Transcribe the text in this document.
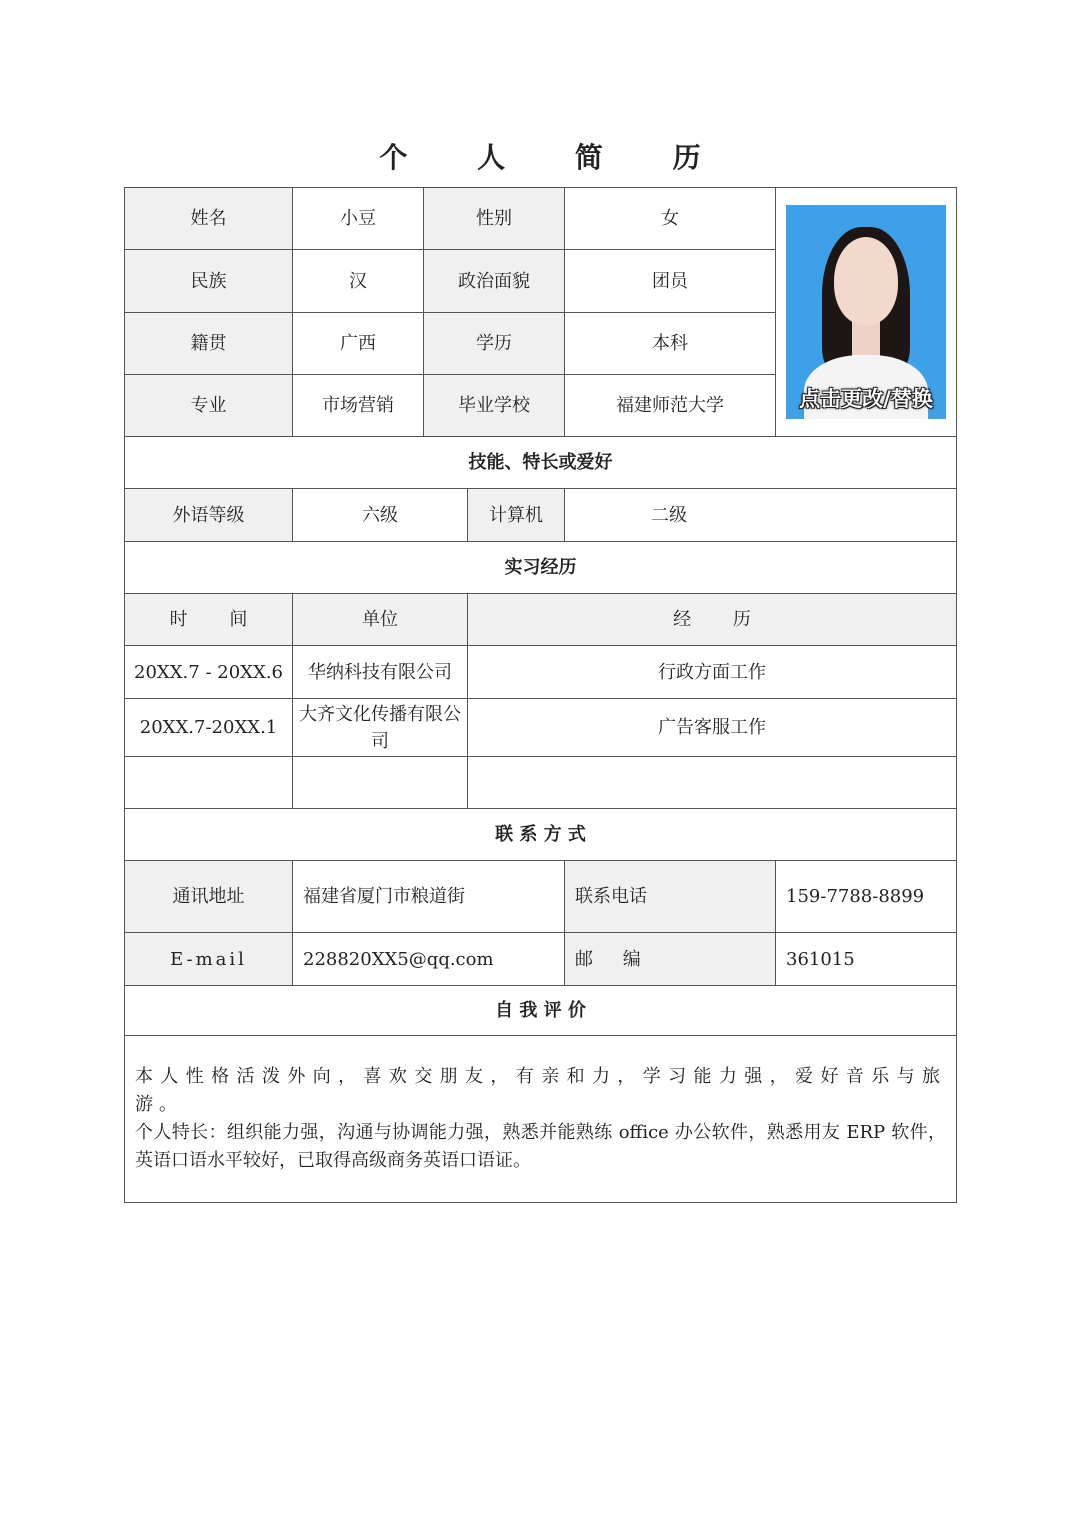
个 人 简 历
姓名	小豆	性别		女	点击更改/替换

民族	汉	政治面貌		团员	
籍贯	广西	学历		本科	
专业	市场营销	毕业学校		福建师范大学	
技能、特长或爱好					
外语等级	六级		计算机	二级	
实习经历					
时 间	单位		经 历		
20XX.7 - 20XX.6	华纳科技有限公司		行政方面工作		
20XX.7-20XX.1	大齐文化传播有限公司		广告客服工作		

联 系 方 式					
通讯地址	福建省厦门市粮道街			联系电话	159-7788-8899
E-mail	228820XX5@qq.com			邮 编	361015
自 我 评 价					

本人性格活泼外向，喜欢交朋友，有亲和力，学习能力强，爱好音乐与旅游。
个人特长：组织能力强，沟通与协调能力强，熟悉并能熟练 office 办公软件，熟悉用友 ERP 软件，英语口语水平较好，已取得高级商务英语口语证。					
